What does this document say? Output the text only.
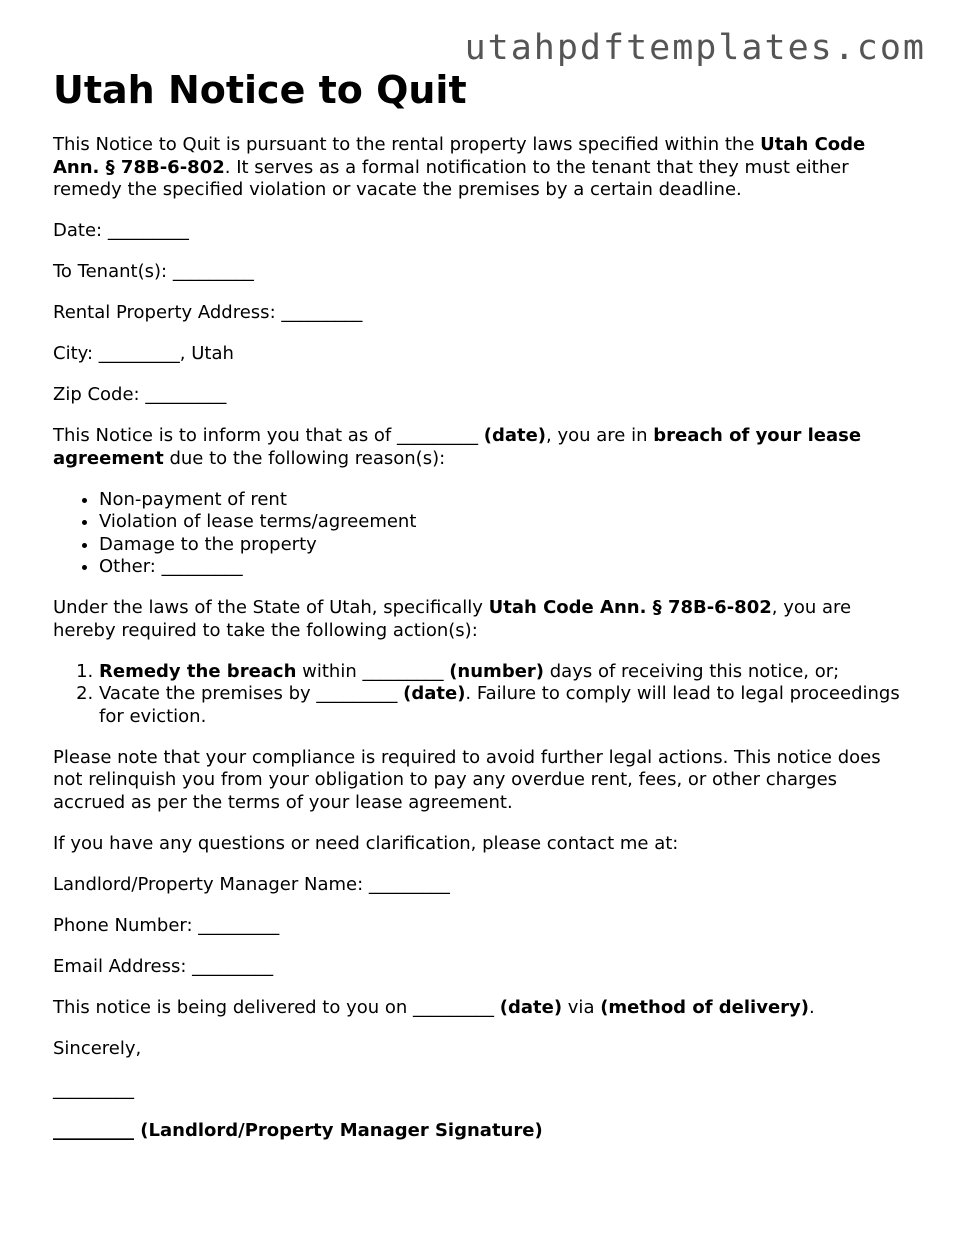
utahpdftemplates.com
Utah Notice to Quit

This Notice to Quit is pursuant to the rental property laws specified within the Utah Code Ann. § 78B-6-802. It serves as a formal notification to the tenant that they must either remedy the specified violation or vacate the premises by a certain deadline.

Date: _________

To Tenant(s): _________

Rental Property Address: _________

City: _________, Utah

Zip Code: _________

This Notice is to inform you that as of _________ (date), you are in breach of your lease agreement due to the following reason(s):

• Non-payment of rent
• Violation of lease terms/agreement
• Damage to the property
• Other: _________

Under the laws of the State of Utah, specifically Utah Code Ann. § 78B-6-802, you are hereby required to take the following action(s):

1. Remedy the breach within _________ (number) days of receiving this notice, or;
2. Vacate the premises by _________ (date). Failure to comply will lead to legal proceedings for eviction.

Please note that your compliance is required to avoid further legal actions. This notice does not relinquish you from your obligation to pay any overdue rent, fees, or other charges accrued as per the terms of your lease agreement.

If you have any questions or need clarification, please contact me at:

Landlord/Property Manager Name: _________

Phone Number: _________

Email Address: _________

This notice is being delivered to you on _________ (date) via (method of delivery).

Sincerely,

_________

_________ (Landlord/Property Manager Signature)
